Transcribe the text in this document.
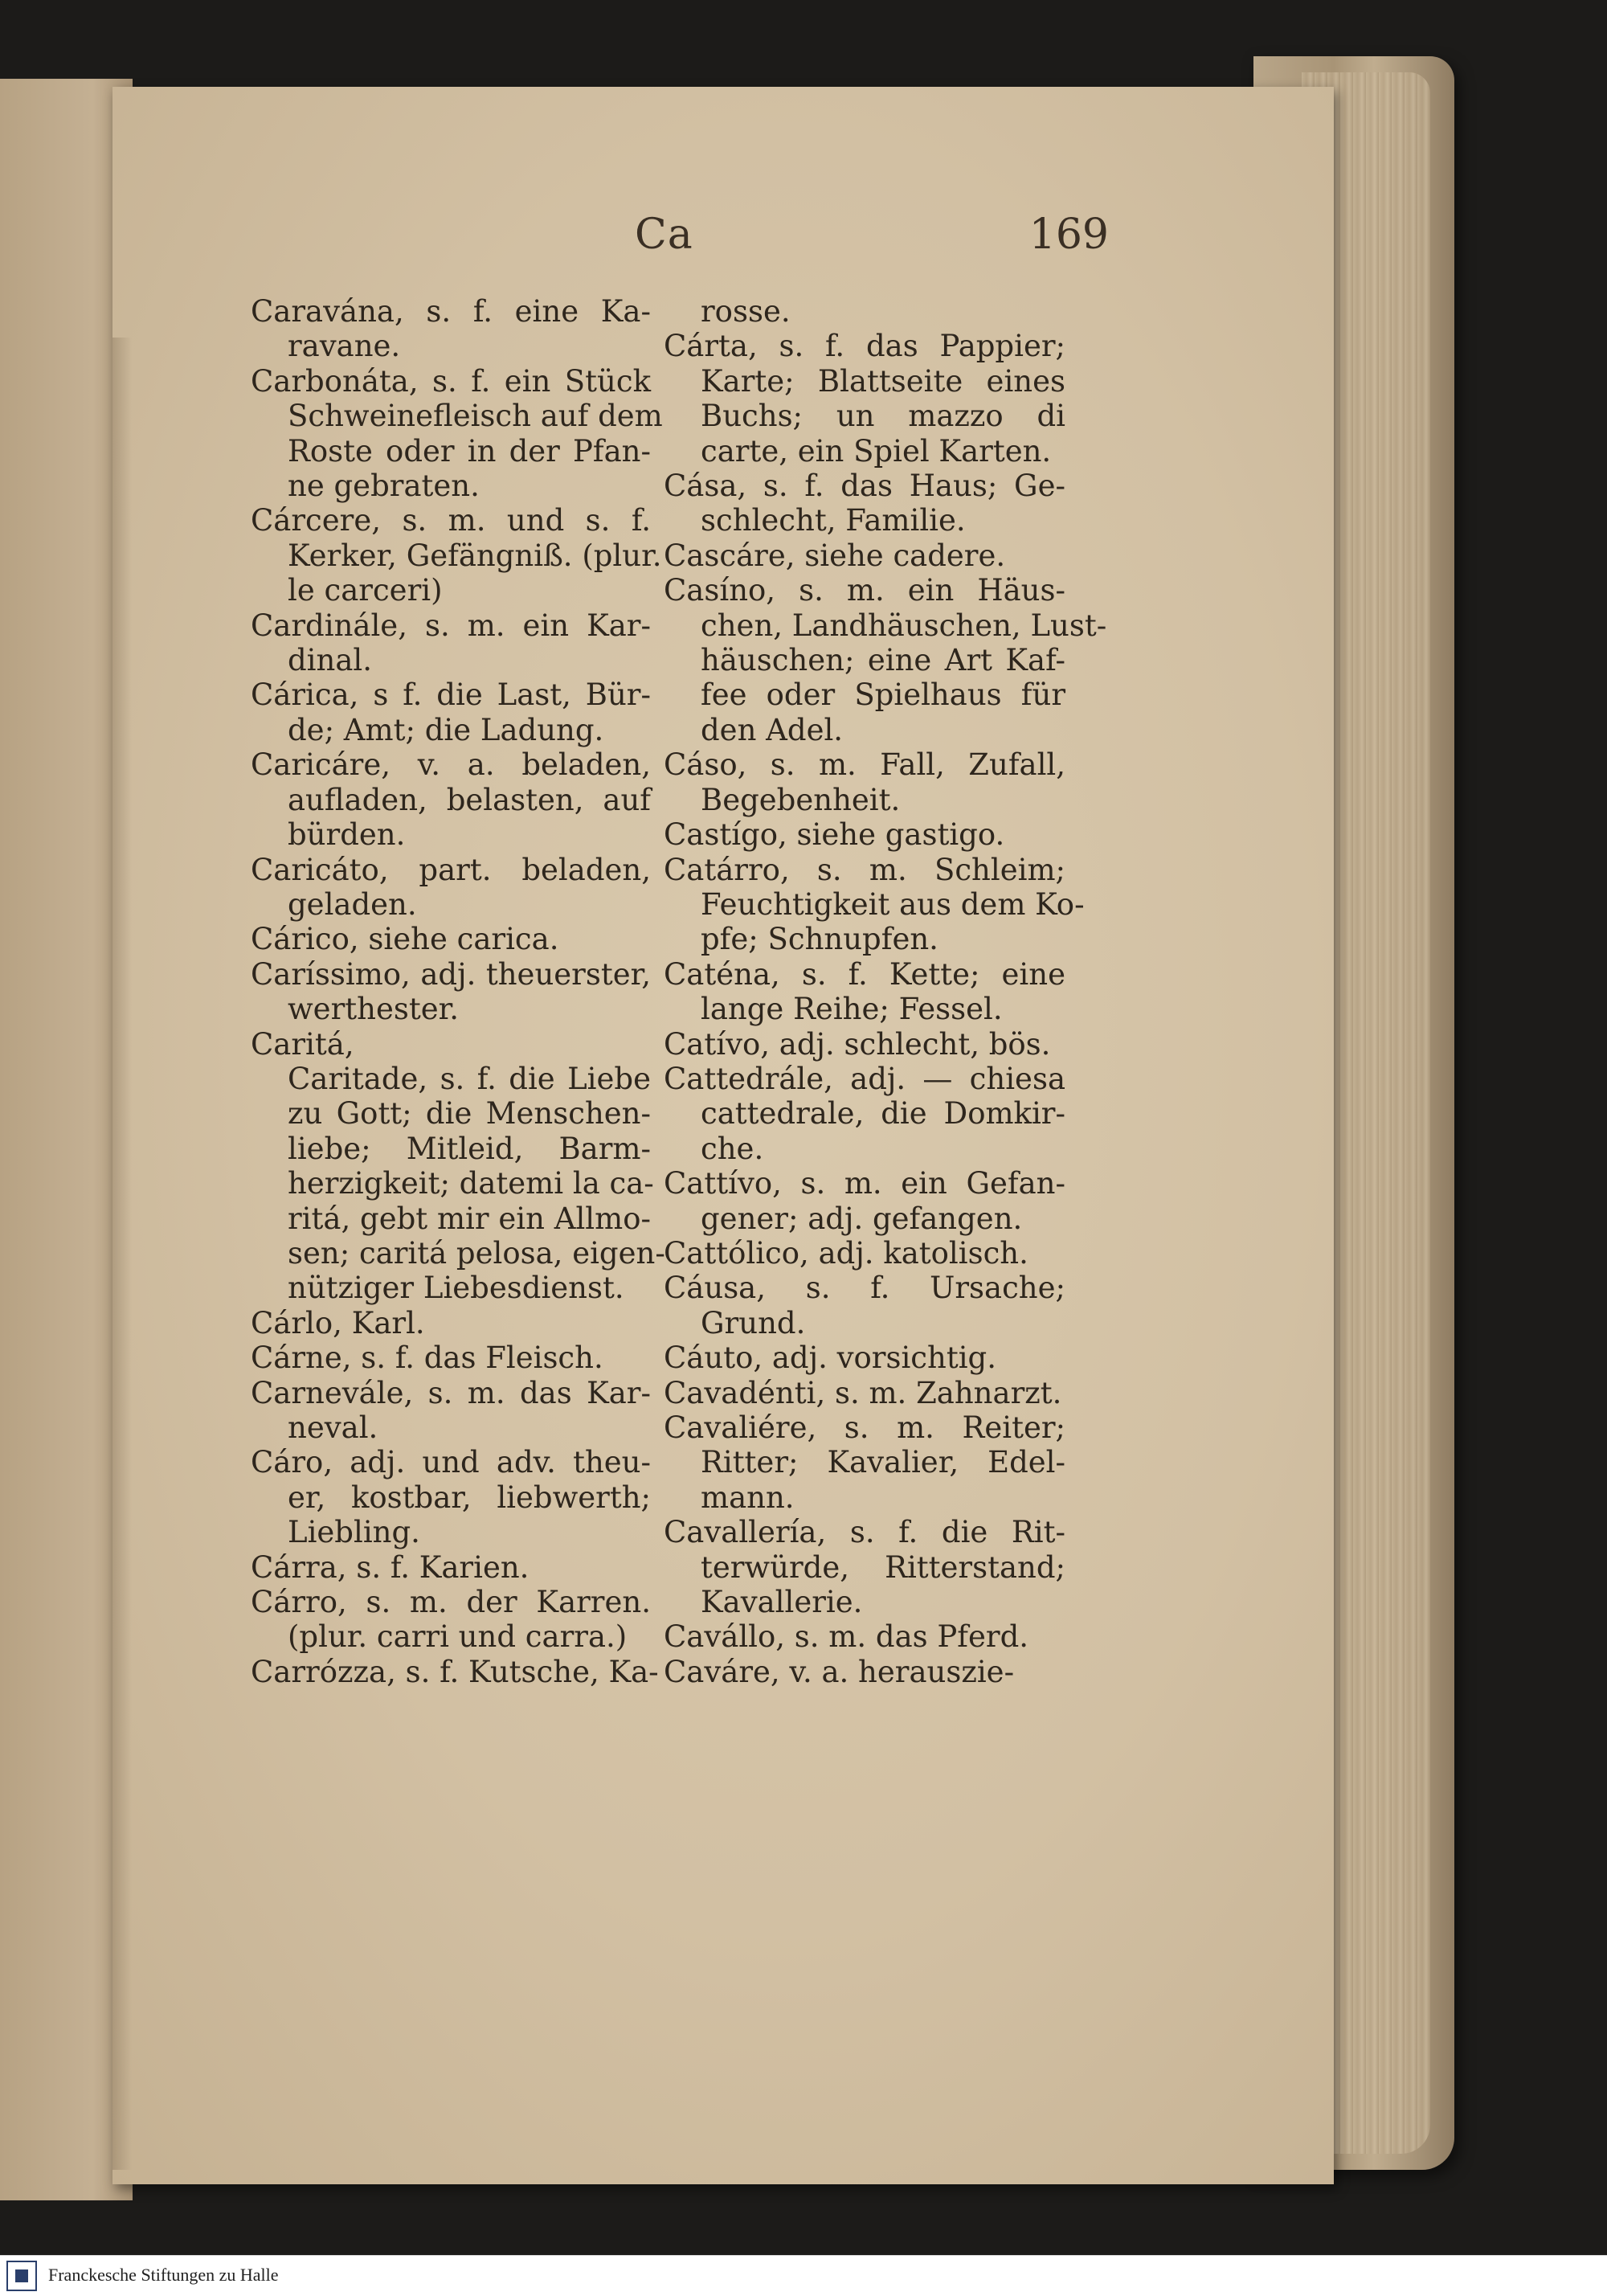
Ca	169
Caravána, s. f. eine Ka-
ravane.
Carbonáta, s. f. ein Stück
Schweinefleisch auf dem
Roste oder in der Pfan-
ne gebraten.
Cárcere, s. m. und s. f.
Kerker, Gefängniß. (plur.
le carceri)
Cardinále, s. m. ein Kar-
dinal.
Cárica, s f. die Last, Bür-
de; Amt; die Ladung.
Caricáre, v. a. beladen,
aufladen, belasten, auf
bürden.
Caricáto, part. beladen,
geladen.
Cárico, siehe carica.
Caríssimo, adj. theuerster,
werthester.
Caritá,
Caritade, s. f. die Liebe
zu Gott; die Menschen-
liebe; Mitleid, Barm-
herzigkeit; datemi la ca-
ritá, gebt mir ein Allmo-
sen; caritá pelosa, eigen-
nütziger Liebesdienst.
Cárlo, Karl.
Cárne, s. f. das Fleisch.
Carnevále, s. m. das Kar-
neval.
Cáro, adj. und adv. theu-
er, kostbar, liebwerth;
Liebling.
Cárra, s. f. Karien.
Cárro, s. m. der Karren.
(plur. carri und carra.)
Carrózza, s. f. Kutsche, Ka-
rosse.
Cárta, s. f. das Pappier;
Karte; Blattseite eines
Buchs; un mazzo di
carte, ein Spiel Karten.
Cása, s. f. das Haus; Ge-
schlecht, Familie.
Cascáre, siehe cadere.
Casíno, s. m. ein Häus-
chen, Landhäuschen, Lust-
häuschen; eine Art Kaf-
fee oder Spielhaus für
den Adel.
Cáso, s. m. Fall, Zufall,
Begebenheit.
Castígo, siehe gastigo.
Catárro, s. m. Schleim;
Feuchtigkeit aus dem Ko-
pfe; Schnupfen.
Caténa, s. f. Kette; eine
lange Reihe; Fessel.
Catívo, adj. schlecht, bös.
Cattedrále, adj. — chiesa
cattedrale, die Domkir-
che.
Cattívo, s. m. ein Gefan-
gener; adj. gefangen.
Cattólico, adj. katolisch.
Cáusa, s. f. Ursache;
Grund.
Cáuto, adj. vorsichtig.
Cavadénti, s. m. Zahnarzt.
Cavaliére, s. m. Reiter;
Ritter; Kavalier, Edel-
mann.
Cavallería, s. f. die Rit-
terwürde, Ritterstand;
Kavallerie.
Cavállo, s. m. das Pferd.
Caváre, v. a. herauszie-
Franckesche Stiftungen zu Halle
